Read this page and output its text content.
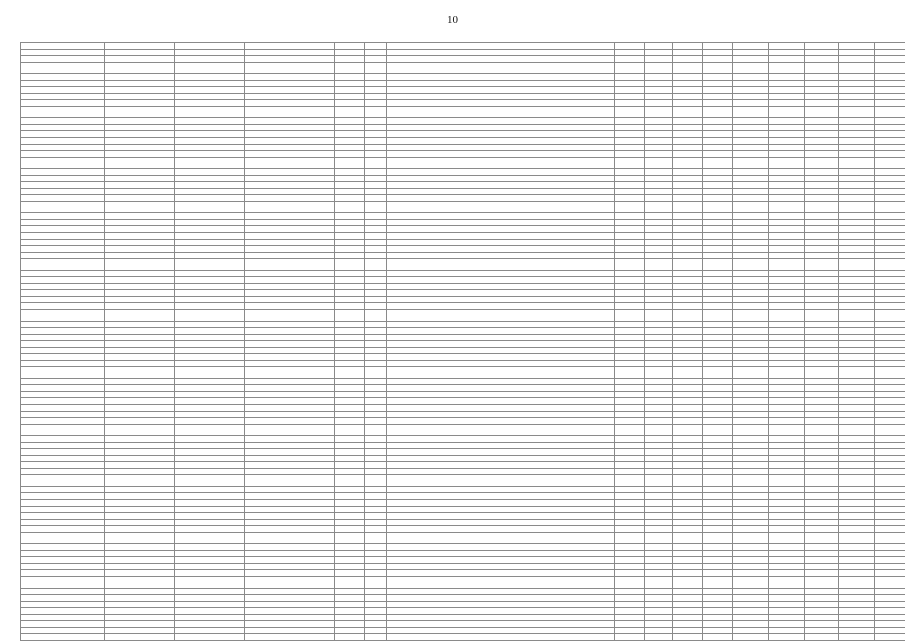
10
